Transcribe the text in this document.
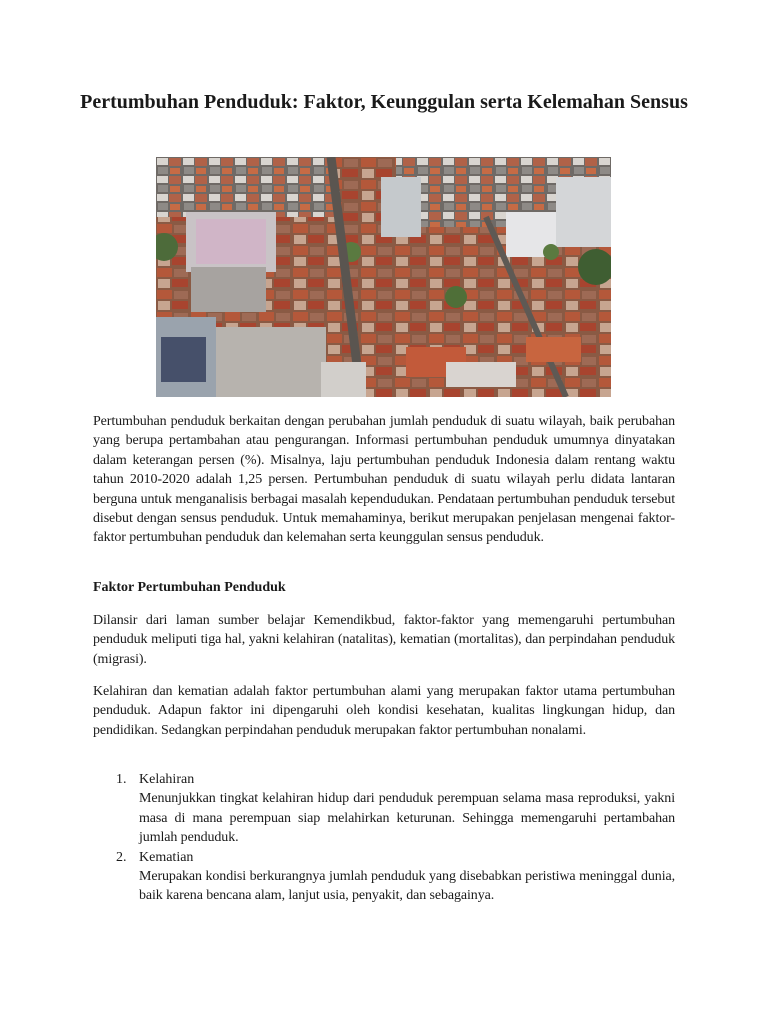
Pertumbuhan Penduduk: Faktor, Keunggulan serta Kelemahan Sensus

Pertumbuhan penduduk berkaitan dengan perubahan jumlah penduduk di suatu wilayah, baik perubahan yang berupa pertambahan atau pengurangan. Informasi pertumbuhan penduduk umumnya dinyatakan dalam keterangan persen (%). Misalnya, laju pertumbuhan penduduk Indonesia dalam rentang waktu tahun 2010-2020 adalah 1,25 persen. Pertumbuhan penduduk di suatu wilayah perlu didata lantaran berguna untuk menganalisis berbagai masalah kependudukan. Pendataan pertumbuhan penduduk tersebut disebut dengan sensus penduduk. Untuk memahaminya, berikut merupakan penjelasan mengenai faktor-faktor pertumbuhan penduduk dan kelemahan serta keunggulan sensus penduduk.

Faktor Pertumbuhan Penduduk

Dilansir dari laman sumber belajar Kemendikbud, faktor-faktor yang memengaruhi pertumbuhan penduduk meliputi tiga hal, yakni kelahiran (natalitas), kematian (mortalitas), dan perpindahan penduduk (migrasi).

Kelahiran dan kematian adalah faktor pertumbuhan alami yang merupakan faktor utama pertumbuhan penduduk. Adapun faktor ini dipengaruhi oleh kondisi kesehatan, kualitas lingkungan hidup, dan pendidikan. Sedangkan perpindahan penduduk merupakan faktor pertumbuhan nonalami.

1. Kelahiran
Menunjukkan tingkat kelahiran hidup dari penduduk perempuan selama masa reproduksi, yakni masa di mana perempuan siap melahirkan keturunan. Sehingga memengaruhi pertambahan jumlah penduduk.
2. Kematian
Merupakan kondisi berkurangnya jumlah penduduk yang disebabkan peristiwa meninggal dunia, baik karena bencana alam, lanjut usia, penyakit, dan sebagainya.
